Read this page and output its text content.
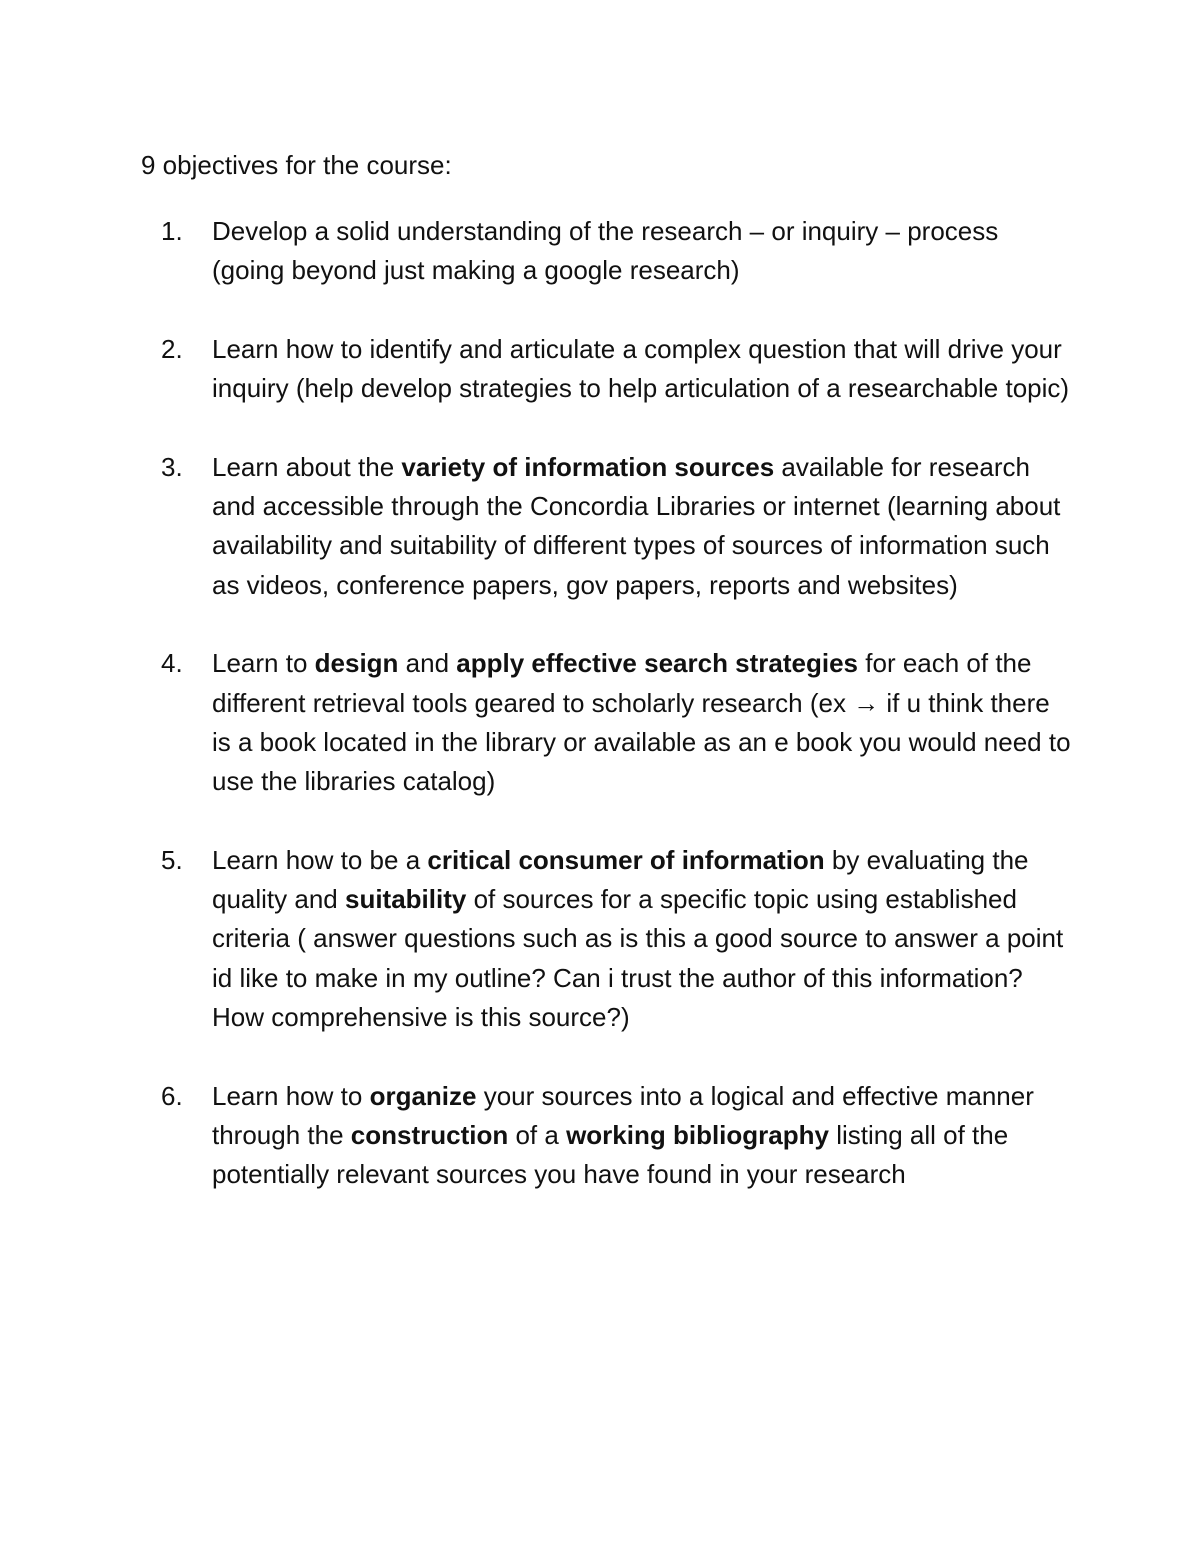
9 objectives for the course:

1.	Develop a solid understanding of the research – or inquiry – process (going beyond just making a google research)
2.	Learn how to identify and articulate a complex question that will drive your inquiry (help develop strategies to help articulation of a researchable topic)
3.	Learn about the variety of information sources available for research and accessible through the Concordia Libraries or internet (learning about availability and suitability of different types of sources of information such as videos, conference papers, gov papers, reports and websites)
4.	Learn to design and apply effective search strategies for each of the different retrieval tools geared to scholarly research (ex → if u think there is a book located in the library or available as an e book you would need to use the libraries catalog)
5.	Learn how to be a critical consumer of information by evaluating the quality and suitability of sources for a specific topic using established criteria ( answer questions such as is this a good source to answer a point id like to make in my outline? Can i trust the author of this information? How comprehensive is this source?)
6.	Learn how to organize your sources into a logical and effective manner through the construction of a working bibliography listing all of the potentially relevant sources you have found in your research
